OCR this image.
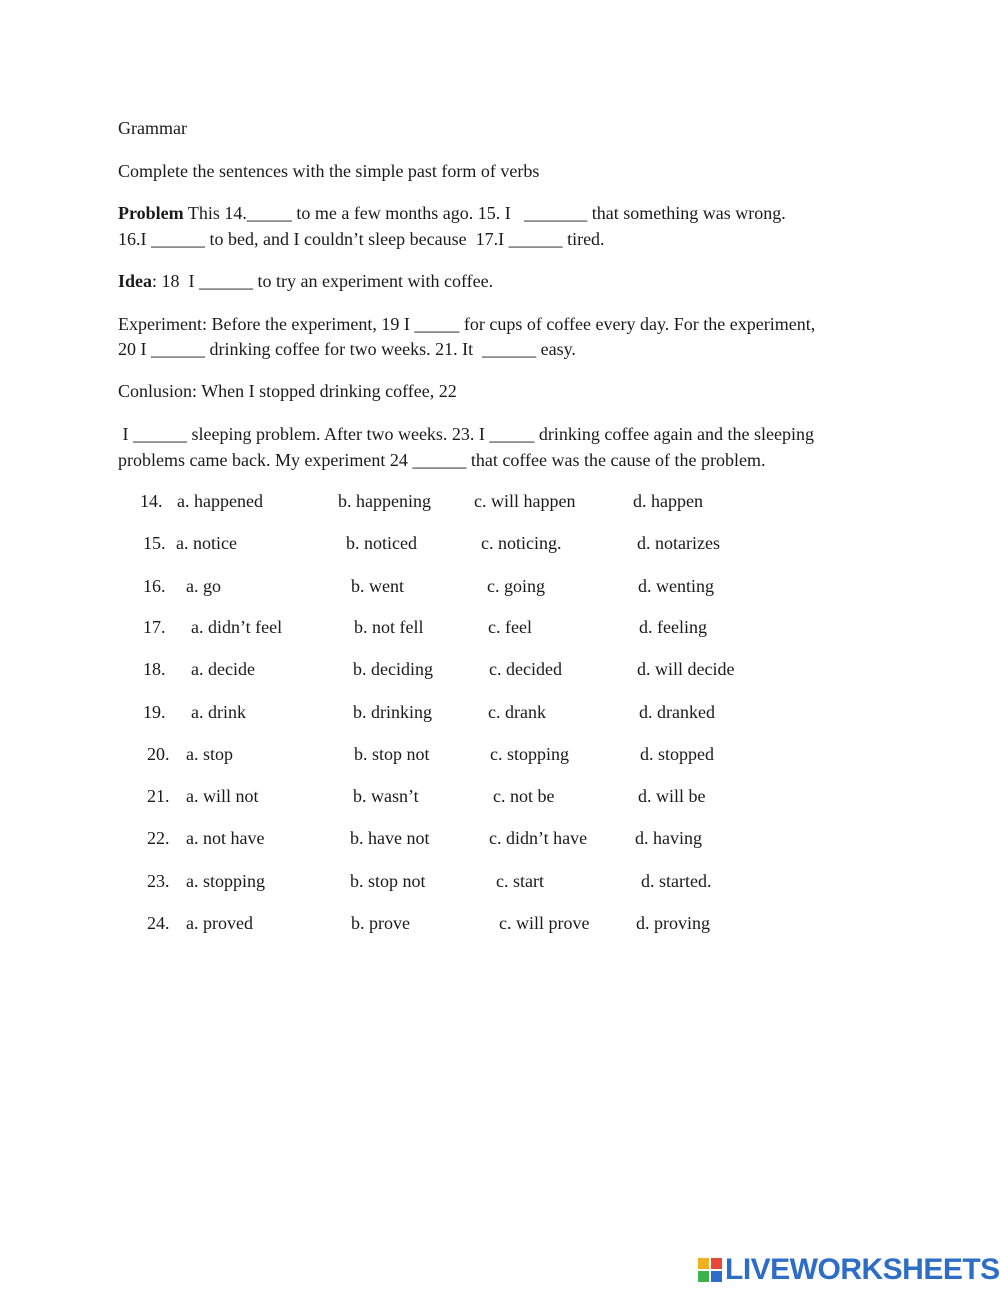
Grammar
Complete the sentences with the simple past form of verbs
Problem This 14._____ to me a few months ago. 15. I   _______ that something was wrong.
16.I ______ to bed, and I couldn’t sleep because  17.I ______ tired.
Idea: 18  I ______ to try an experiment with coffee.
Experiment: Before the experiment, 19 I _____ for cups of coffee every day. For the experiment,
20 I ______ drinking coffee for two weeks. 21. It  ______ easy.
Conlusion: When I stopped drinking coffee, 22
I ______ sleeping problem. After two weeks. 23. I _____ drinking coffee again and the sleeping
problems came back. My experiment 24 ______ that coffee was the cause of the problem.
14. a. happened	b. happening c. will happen	d. happen
15. a. notice	b. noticed	c. noticing.	d. notarizes
16. a. go	b. went	c. going	d. wenting
17. a. didn’t feel	b. not fell	c. feel	d. feeling
18. a. decide	b. deciding	c. decided	d. will decide
19. a. drink	b. drinking	c. drank	d. dranked
20. a. stop	b. stop not	c. stopping	d. stopped
21. a. will not	b. wasn’t	c. not be	d. will be
22. a. not have	b. have not	c. didn’t have	d. having
23. a. stopping	b. stop not	c. start	d. started.
24. a. proved	b. prove	c. will prove	d. proving
LIVEWORKSHEETS
